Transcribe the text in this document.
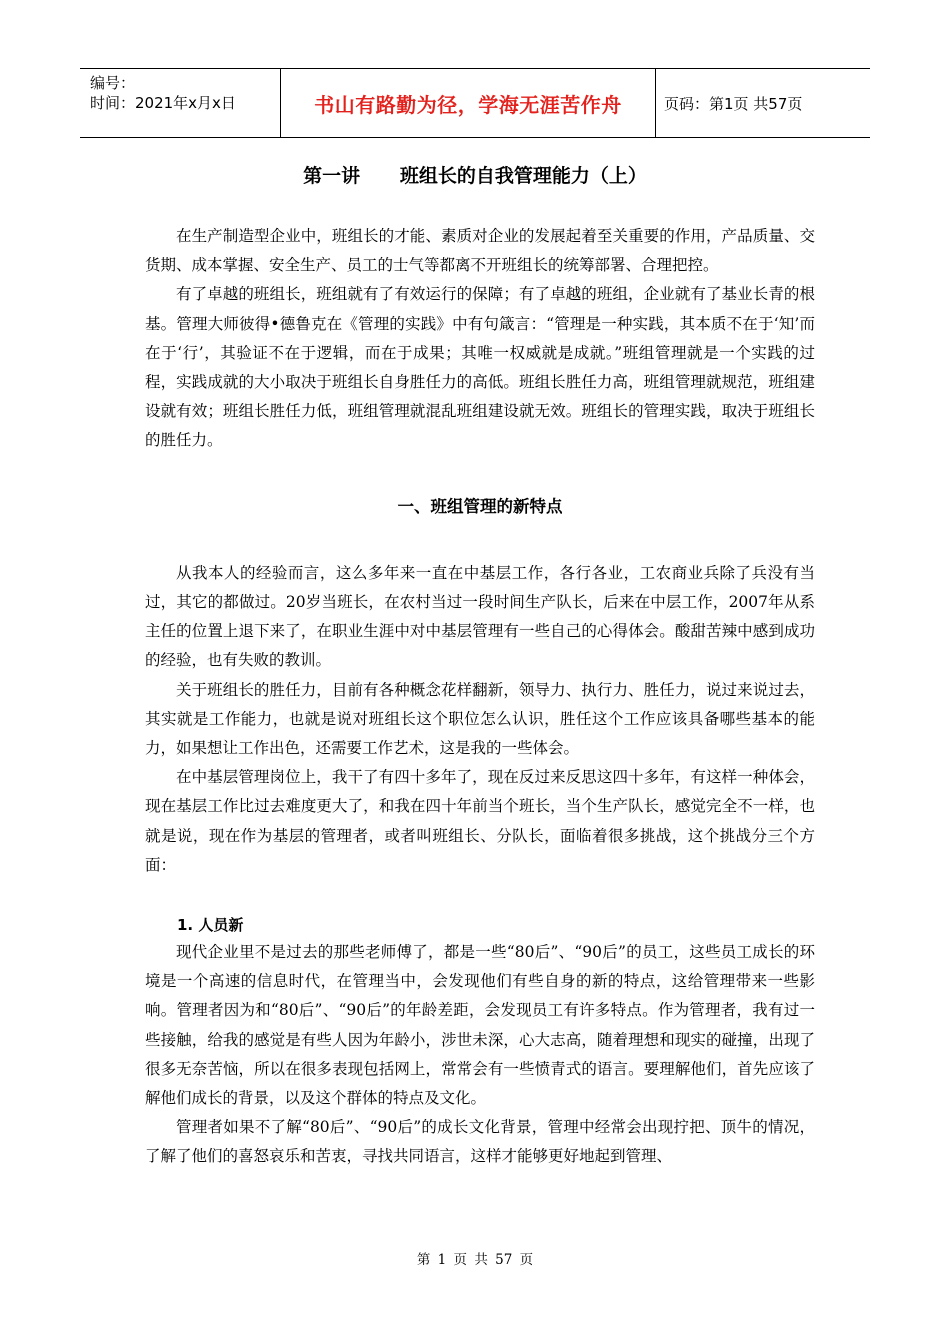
编号：
时间：2021年x月x日	书山有路勤为径，学海无涯苦作舟	页码：第1页 共57页
第一讲      班组长的自我管理能力（上）

在生产制造型企业中，班组长的才能、素质对企业的发展起着至关重要的作用，产品质量、交货期、成本掌握、安全生产、员工的士气等都离不开班组长的统筹部署、合理把控。

有了卓越的班组长，班组就有了有效运行的保障；有了卓越的班组，企业就有了基业长青的根基。管理大师彼得•德鲁克在《管理的实践》中有句箴言：“管理是一种实践，其本质不在于‘知’而在于‘行’，其验证不在于逻辑，而在于成果；其唯一权威就是成就。”班组管理就是一个实践的过程，实践成就的大小取决于班组长自身胜任力的高低。班组长胜任力高，班组管理就规范，班组建设就有效；班组长胜任力低，班组管理就混乱班组建设就无效。班组长的管理实践，取决于班组长的胜任力。

一、班组管理的新特点

从我本人的经验而言，这么多年来一直在中基层工作，各行各业，工农商业兵除了兵没有当过，其它的都做过。20岁当班长，在农村当过一段时间生产队长，后来在中层工作，2007年从系主任的位置上退下来了，在职业生涯中对中基层管理有一些自己的心得体会。酸甜苦辣中感到成功的经验，也有失败的教训。

关于班组长的胜任力，目前有各种概念花样翻新，领导力、执行力、胜任力，说过来说过去，其实就是工作能力，也就是说对班组长这个职位怎么认识，胜任这个工作应该具备哪些基本的能力，如果想让工作出色，还需要工作艺术，这是我的一些体会。

在中基层管理岗位上，我干了有四十多年了，现在反过来反思这四十多年，有这样一种体会，现在基层工作比过去难度更大了，和我在四十年前当个班长，当个生产队长，感觉完全不一样，也就是说，现在作为基层的管理者，或者叫班组长、分队长，面临着很多挑战，这个挑战分三个方面：

1. 人员新

现代企业里不是过去的那些老师傅了，都是一些“80后”、“90后”的员工，这些员工成长的环境是一个高速的信息时代，在管理当中，会发现他们有些自身的新的特点，这给管理带来一些影响。管理者因为和“80后”、“90后”的年龄差距，会发现员工有许多特点。作为管理者，我有过一些接触，给我的感觉是有些人因为年龄小，涉世未深，心大志高，随着理想和现实的碰撞，出现了很多无奈苦恼，所以在很多表现包括网上，常常会有一些愤青式的语言。要理解他们，首先应该了解他们成长的背景，以及这个群体的特点及文化。

管理者如果不了解“80后”、“90后”的成长文化背景，管理中经常会出现拧把、顶牛的情况，了解了他们的喜怒哀乐和苦衷，寻找共同语言，这样才能够更好地起到管理、

第 1 页 共 57 页
